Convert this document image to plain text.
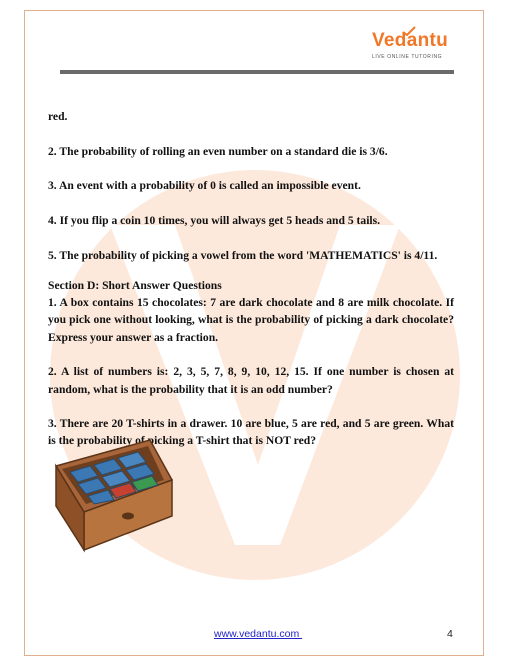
Vedantu
LIVE ONLINE TUTORING

red.

2. The probability of rolling an even number on a standard die is 3/6.

3. An event with a probability of 0 is called an impossible event.

4. If you flip a coin 10 times, you will always get 5 heads and 5 tails.

5. The probability of picking a vowel from the word 'MATHEMATICS' is 4/11.

Section D: Short Answer Questions

1. A box contains 15 chocolates: 7 are dark chocolate and 8 are milk chocolate. If you pick one without looking, what is the probability of picking a dark chocolate? Express your answer as a fraction.

2. A list of numbers is: 2, 3, 5, 7, 8, 9, 10, 12, 15. If one number is chosen at random, what is the probability that it is an odd number?

3. There are 20 T-shirts in a drawer. 10 are blue, 5 are red, and 5 are green. What is the probability of picking a T-shirt that is NOT red?

www.vedantu.com	4
